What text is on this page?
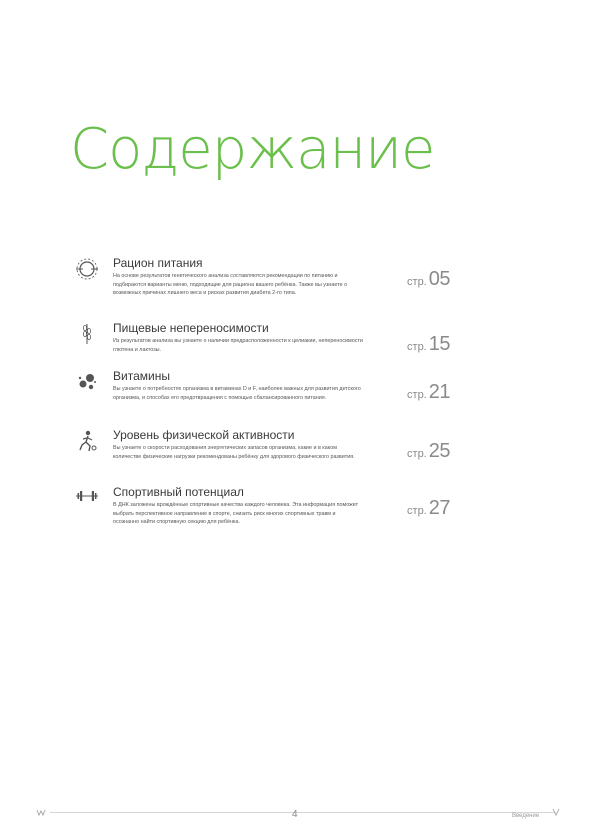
Содержание
Рацион питания
На основе результатов генетического анализа составляются рекомендации по питанию и подбираются варианты меню, подходящие для рациона вашего ребёнка. Также вы узнаете о возможных причинах лишнего веса и рисках развития диабета 2-го типа.
стр. 05
Пищевые непереносимости
Из результатов анализа вы узнаете о наличии предрасположенности к целиакии, непереносимости глютена и лактозы.	стр. 15
Витамины
Вы узнаете о потребностях организма в витаминах D и F, наиболее важных для развития детского организма, и способах его предотвращения с помощью сбалансированного питания.	стр. 21
Уровень физической активности
Вы узнаете о скорости расходования энергетических запасов организма, какие и в каком количестве физические нагрузки рекомендованы ребёнку для здорового физического развития.	стр. 25
Спортивный потенциал
В ДНК заложены врождённые спортивные качества каждого человека. Эта информация поможет выбрать перспективное направление в спорте, снизить риск многих спортивных травм и осознанно найти спортивную секцию для ребёнка.
стр. 27
4	Введение
